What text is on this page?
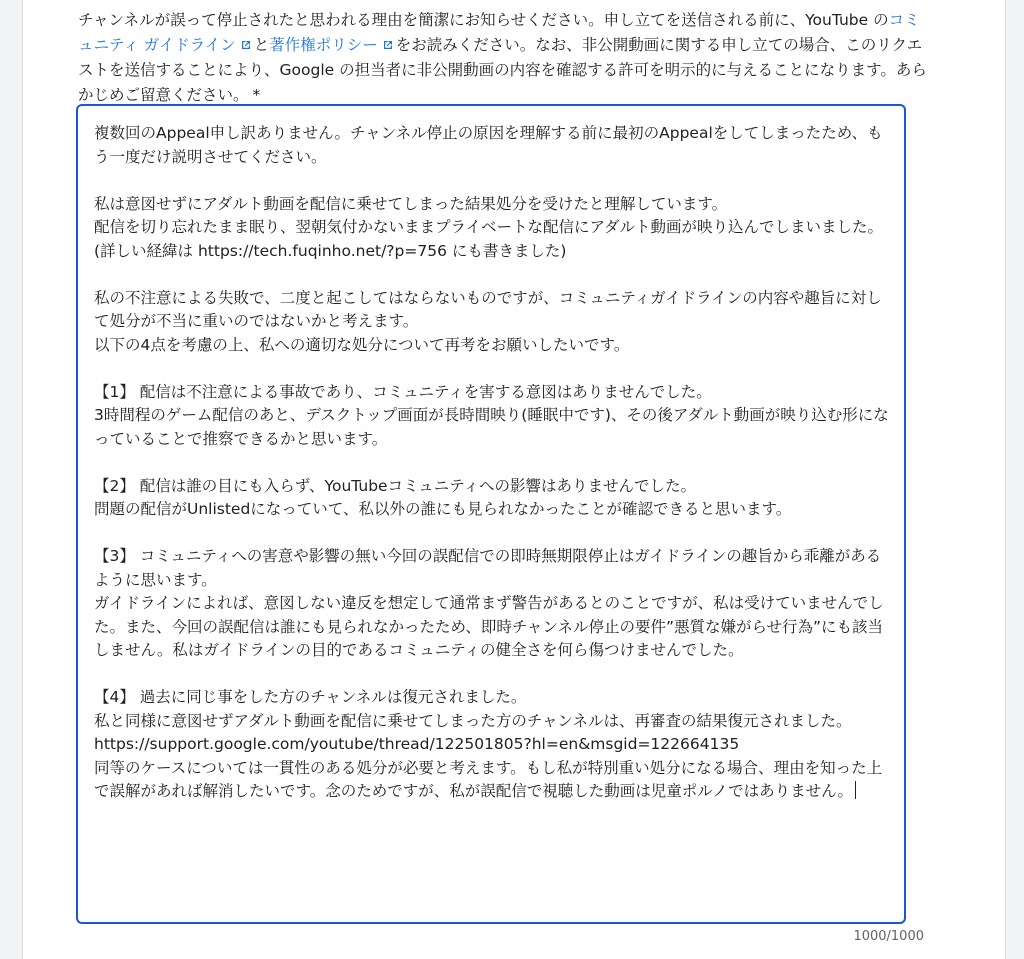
チャンネルが誤って停止されたと思われる理由を簡潔にお知らせください。申し立てを送信される前に、YouTube のコミュニティ ガイドライン と著作権ポリシー をお読みください。なお、非公開動画に関する申し立ての場合、このリクエストを送信することにより、Google の担当者に非公開動画の内容を確認する許可を明示的に与えることになります。あらかじめご留意ください。 *

複数回のAppeal申し訳ありません。チャンネル停止の原因を理解する前に最初のAppealをしてしまったため、もう一度だけ説明させてください。

私は意図せずにアダルト動画を配信に乗せてしまった結果処分を受けたと理解しています。
配信を切り忘れたまま眠り、翌朝気付かないままプライベートな配信にアダルト動画が映り込んでしまいました。
(詳しい経緯は https://tech.fuqinho.net/?p=756 にも書きました)

私の不注意による失敗で、二度と起こしてはならないものですが、コミュニティガイドラインの内容や趣旨に対して処分が不当に重いのではないかと考えます。
以下の4点を考慮の上、私への適切な処分について再考をお願いしたいです。

【1】 配信は不注意による事故であり、コミュニティを害する意図はありませんでした。
3時間程のゲーム配信のあと、デスクトップ画面が長時間映り(睡眠中です)、その後アダルト動画が映り込む形になっていることで推察できるかと思います。

【2】 配信は誰の目にも入らず、YouTubeコミュニティへの影響はありませんでした。
問題の配信がUnlistedになっていて、私以外の誰にも見られなかったことが確認できると思います。

【3】 コミュニティへの害意や影響の無い今回の誤配信での即時無期限停止はガイドラインの趣旨から乖離があるように思います。
ガイドラインによれば、意図しない違反を想定して通常まず警告があるとのことですが、私は受けていませんでした。また、今回の誤配信は誰にも見られなかったため、即時チャンネル停止の要件”悪質な嫌がらせ行為”にも該当しません。私はガイドラインの目的であるコミュニティの健全さを何ら傷つけませんでした。

【4】 過去に同じ事をした方のチャンネルは復元されました。
私と同様に意図せずアダルト動画を配信に乗せてしまった方のチャンネルは、再審査の結果復元されました。
https://support.google.com/youtube/thread/122501805?hl=en&msgid=122664135
同等のケースについては一貫性のある処分が必要と考えます。もし私が特別重い処分になる場合、理由を知った上で誤解があれば解消したいです。念のためですが、私が誤配信で視聴した動画は児童ポルノではありません。
1000/1000
